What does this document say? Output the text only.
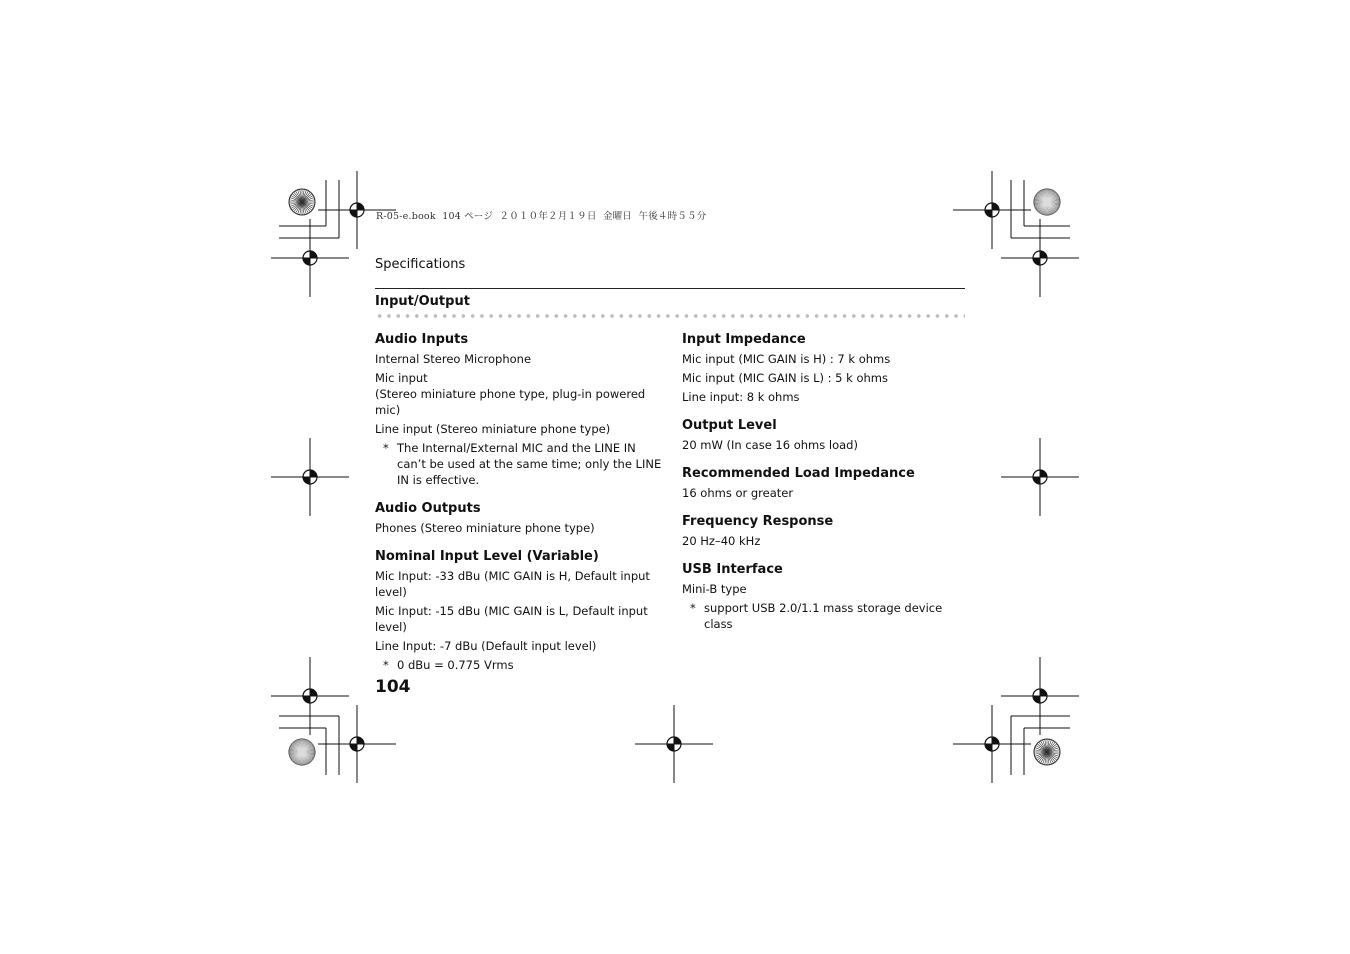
R-05-e.book  104 ページ  ２０１０年２月１９日  金曜日  午後４時５５分
Specifications
Input/Output
Audio Inputs
Internal Stereo Microphone
Mic input
(Stereo miniature phone type, plug-in powered mic)
Line input (Stereo miniature phone type)
* The Internal/External MIC and the LINE IN can’t be used at the same time; only the LINE IN is effective.
Audio Outputs
Phones (Stereo miniature phone type)
Nominal Input Level (Variable)
Mic Input: -33 dBu (MIC GAIN is H, Default input level)
Mic Input: -15 dBu (MIC GAIN is L, Default input level)
Line Input: -7 dBu (Default input level)
* 0 dBu = 0.775 Vrms
Input Impedance
Mic input (MIC GAIN is H) : 7 k ohms
Mic input (MIC GAIN is L) : 5 k ohms
Line input: 8 k ohms
Output Level
20 mW (In case 16 ohms load)
Recommended Load Impedance
16 ohms or greater
Frequency Response
20 Hz–40 kHz
USB Interface
Mini-B type
* support USB 2.0/1.1 mass storage device class
104
